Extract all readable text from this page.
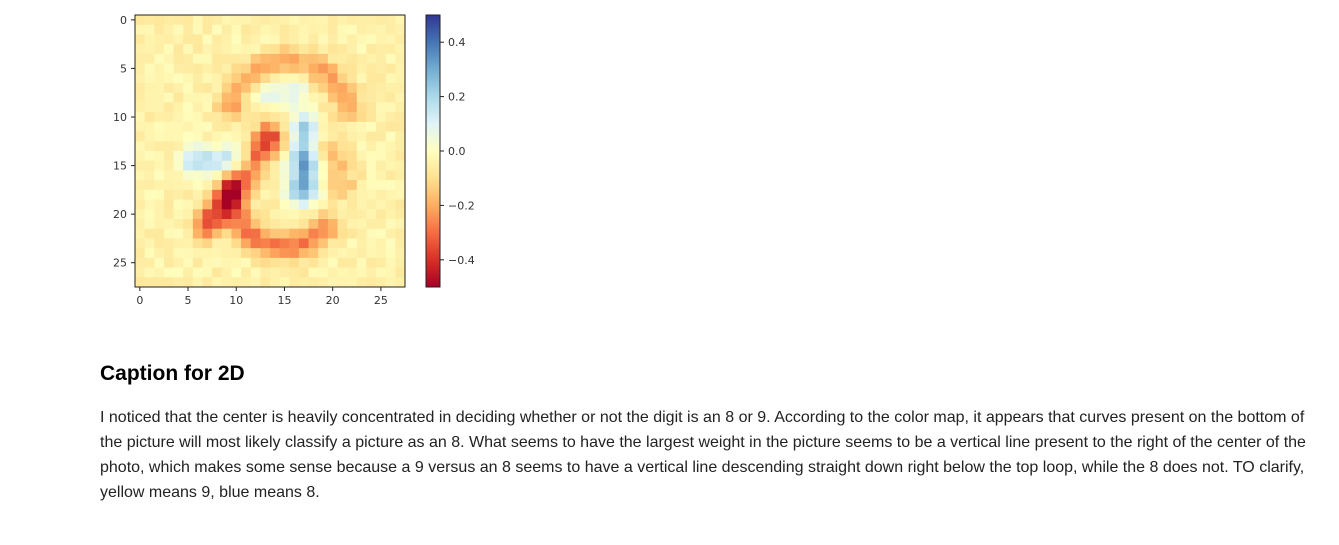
0	5	10	15	20	25
0
5
10
15
20
25
0.4
0.2
0.0
−0.2
−0.4
Caption for 2D

I noticed that the center is heavily concentrated in deciding whether or not the digit is an 8 or 9. According to the color map, it appears that curves present on the bottom of the picture will most likely classify a picture as an 8. What seems to have the largest weight in the picture seems to be a vertical line present to the right of the center of the photo, which makes some sense because a 9 versus an 8 seems to have a vertical line descending straight down right below the top loop, while the 8 does not. TO clarify, yellow means 9, blue means 8.
